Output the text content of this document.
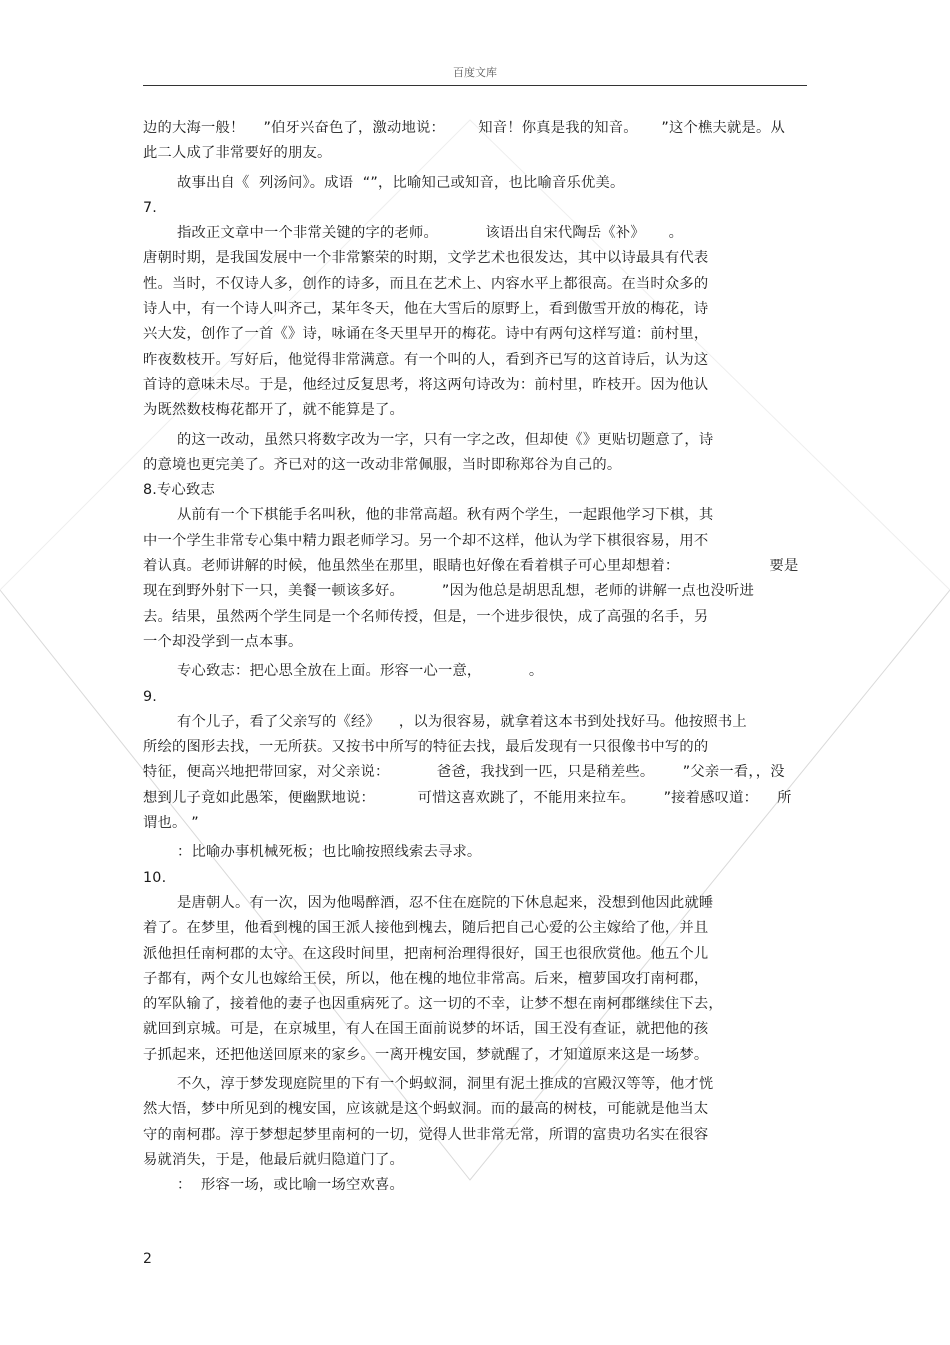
百度文库
边的大海一般！    ”伯牙兴奋色了，激动地说：       知音！你真是我的知音。     ”这个樵夫就是。从
此二人成了非常要好的朋友。
故事出自《  列汤问》。成语  “”，比喻知己或知音，也比喻音乐优美。
7.
指改正文章中一个非常关键的字的老师。          该语出自宋代陶岳《补》     。
唐朝时期，是我国发展中一个非常繁荣的时期，文学艺术也很发达，其中以诗最具有代表
性。当时，不仅诗人多，创作的诗多，而且在艺术上、内容水平上都很高。在当时众多的
诗人中，有一个诗人叫齐己，某年冬天，他在大雪后的原野上，看到傲雪开放的梅花，诗
兴大发，创作了一首《》诗，咏诵在冬天里早开的梅花。诗中有两句这样写道：前村里，
昨夜数枝开。写好后，他觉得非常满意。有一个叫的人，看到齐已写的这首诗后，认为这
首诗的意味未尽。于是，他经过反复思考，将这两句诗改为：前村里，昨枝开。因为他认
为既然数枝梅花都开了，就不能算是了。
的这一改动，虽然只将数字改为一字，只有一字之改，但却使《》更贴切题意了，诗
的意境也更完美了。齐已对的这一改动非常佩服，当时即称郑谷为自己的。
8.专心致志
从前有一个下棋能手名叫秋，他的非常高超。秋有两个学生，一起跟他学习下棋，其
中一个学生非常专心集中精力跟老师学习。另一个却不这样，他认为学下棋很容易，用不
着认真。老师讲解的时候，他虽然坐在那里，眼睛也好像在看着棋子可心里却想着：                   要是
现在到野外射下一只，美餐一顿该多好。        ”因为他总是胡思乱想，老师的讲解一点也没听进
去。结果，虽然两个学生同是一个名师传授，但是，一个进步很快，成了高强的名手，另
一个却没学到一点本事。
专心致志：把心思全放在上面。形容一心一意，          。
9.
有个儿子，看了父亲写的《经》    ，以为很容易，就拿着这本书到处找好马。他按照书上
所绘的图形去找，一无所获。又按书中所写的特征去找，最后发现有一只很像书中写的的
特征，便高兴地把带回家，对父亲说：          爸爸，我找到一匹，只是稍差些。      ”父亲一看，，没
想到儿子竟如此愚笨，便幽默地说：         可惜这喜欢跳了，不能用来拉车。      ”接着感叹道：    所
谓也。 ”
：比喻办事机械死板；也比喻按照线索去寻求。
10.
是唐朝人。有一次，因为他喝醉酒，忍不住在庭院的下休息起来，没想到他因此就睡
着了。在梦里，他看到槐的国王派人接他到槐去，随后把自己心爱的公主嫁给了他，并且
派他担任南柯郡的太守。在这段时间里，把南柯治理得很好，国王也很欣赏他。他五个儿
子都有，两个女儿也嫁给王侯，所以，他在槐的地位非常高。后来，檀萝国攻打南柯郡，
的军队输了，接着他的妻子也因重病死了。这一切的不幸，让梦不想在南柯郡继续住下去，
就回到京城。可是，在京城里，有人在国王面前说梦的坏话，国王没有查证，就把他的孩
子抓起来，还把他送回原来的家乡。一离开槐安国，梦就醒了，才知道原来这是一场梦。
不久，淳于梦发现庭院里的下有一个蚂蚁洞，洞里有泥土推成的宫殿汉等等，他才恍
然大悟，梦中所见到的槐安国，应该就是这个蚂蚁洞。而的最高的树枝，可能就是他当太
守的南柯郡。淳于梦想起梦里南柯的一切，觉得人世非常无常，所谓的富贵功名实在很容
易就消失，于是，他最后就归隐道门了。
：  形容一场，或比喻一场空欢喜。
2
